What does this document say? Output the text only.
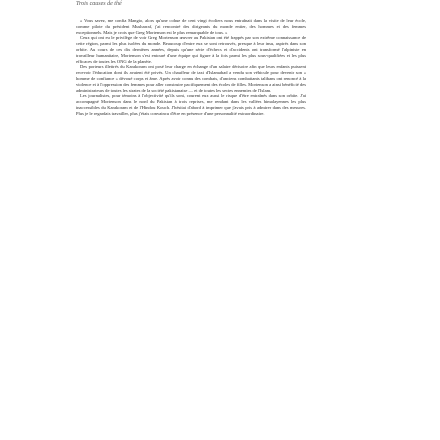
Trois causes de thé

« Vous savez, me confia Mangio, alors qu'une cohue de cent vingt écoliers nous entraînait dans la visite de leur école, comme pilote du président Musharraf, j'ai rencontré des dirigeants du monde entier, des hommes et des femmes exceptionnels. Mais je crois que Greg Mortenson est le plus remarquable de tous. »

Ceux qui ont eu le privilège de voir Greg Mortenson œuvrer au Pakistan ont été frappés par son extrême connaissance de cette région, parmi les plus isolées du monde. Beaucoup d'entre eux se sont retrouvés, presque à leur insu, aspirés dans son orbite. Au cours de ces dix dernières années, depuis qu'une série d'échecs et d'accidents ont transformé l'alpiniste en travailleur humanitaire, Mortenson s'est entouré d'une équipe qui figure à la fois parmi les plus sous-qualifiées et les plus efficaces de toutes les ONG de la planète.

Des porteurs illettrés du Karakoram ont posé leur charge en échange d'un salaire dérisoire afin que leurs enfants puissent recevoir l'éducation dont ils avaient été privés. Un chauffeur de taxi d'Islamabad a vendu son véhicule pour devenir son « homme de confiance » dévoué corps et âme. Après avoir connu des combats, d'anciens combattants talibans ont renoncé à la violence et à l'oppression des femmes pour aller construire pacifiquement des écoles de filles. Mortenson a ainsi bénéficié des administrateurs de toutes les strates de la société pakistanaise — et de toutes les sectes ennemies de l'Islam.

Les journalistes, pour témoins à l'objectivité qu'ils sont, courent eux aussi le risque d'être entraînés dans son orbite. J'ai accompagné Mortenson dans le nord du Pakistan à trois reprises, me rendant dans les vallées himalayennes les plus inaccessibles du Karakoram et de l'Hindou Kouch. J'hésitai d'abord à imprimer que j'avais pris à admirer dans des mesures. Plus je le regardais travailler, plus j'étais convaincu d'être en présence d'une personnalité extraordinaire.
